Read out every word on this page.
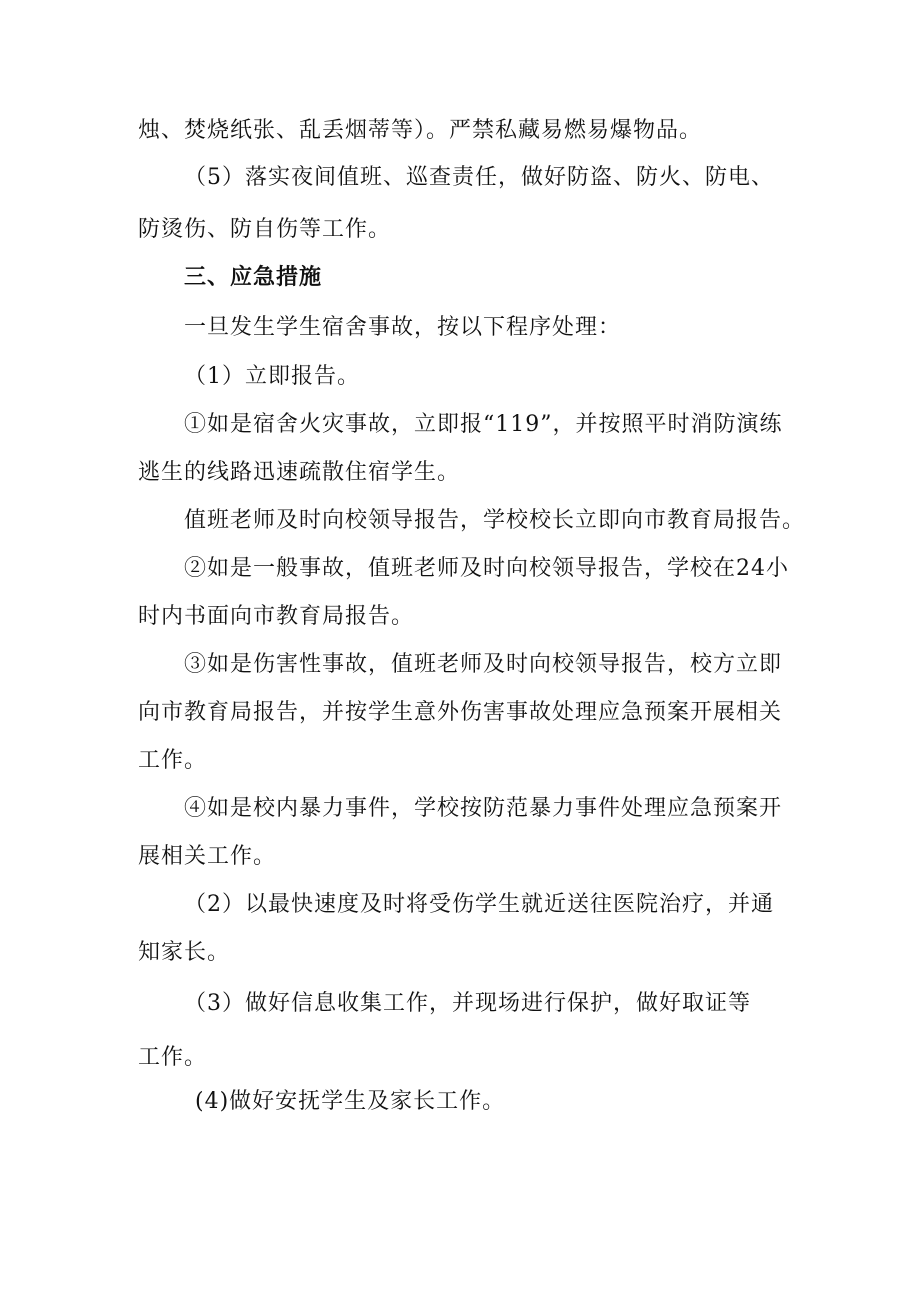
烛、焚烧纸张、乱丢烟蒂等）。严禁私藏易燃易爆物品。
（5）落实夜间值班、巡查责任，做好防盗、防火、防电、
防烫伤、防自伤等工作。
三、应急措施
一旦发生学生宿舍事故，按以下程序处理：
（1）立即报告。
①如是宿舍火灾事故，立即报“119”，并按照平时消防演练
逃生的线路迅速疏散住宿学生。
值班老师及时向校领导报告，学校校长立即向市教育局报告。
②如是一般事故，值班老师及时向校领导报告，学校在24小
时内书面向市教育局报告。
③如是伤害性事故，值班老师及时向校领导报告，校方立即
向市教育局报告，并按学生意外伤害事故处理应急预案开展相关
工作。
④如是校内暴力事件，学校按防范暴力事件处理应急预案开
展相关工作。
（2）以最快速度及时将受伤学生就近送往医院治疗，并通
知家长。
（3）做好信息收集工作，并现场进行保护，做好取证等
工作。
(4)做好安抚学生及家长工作。
